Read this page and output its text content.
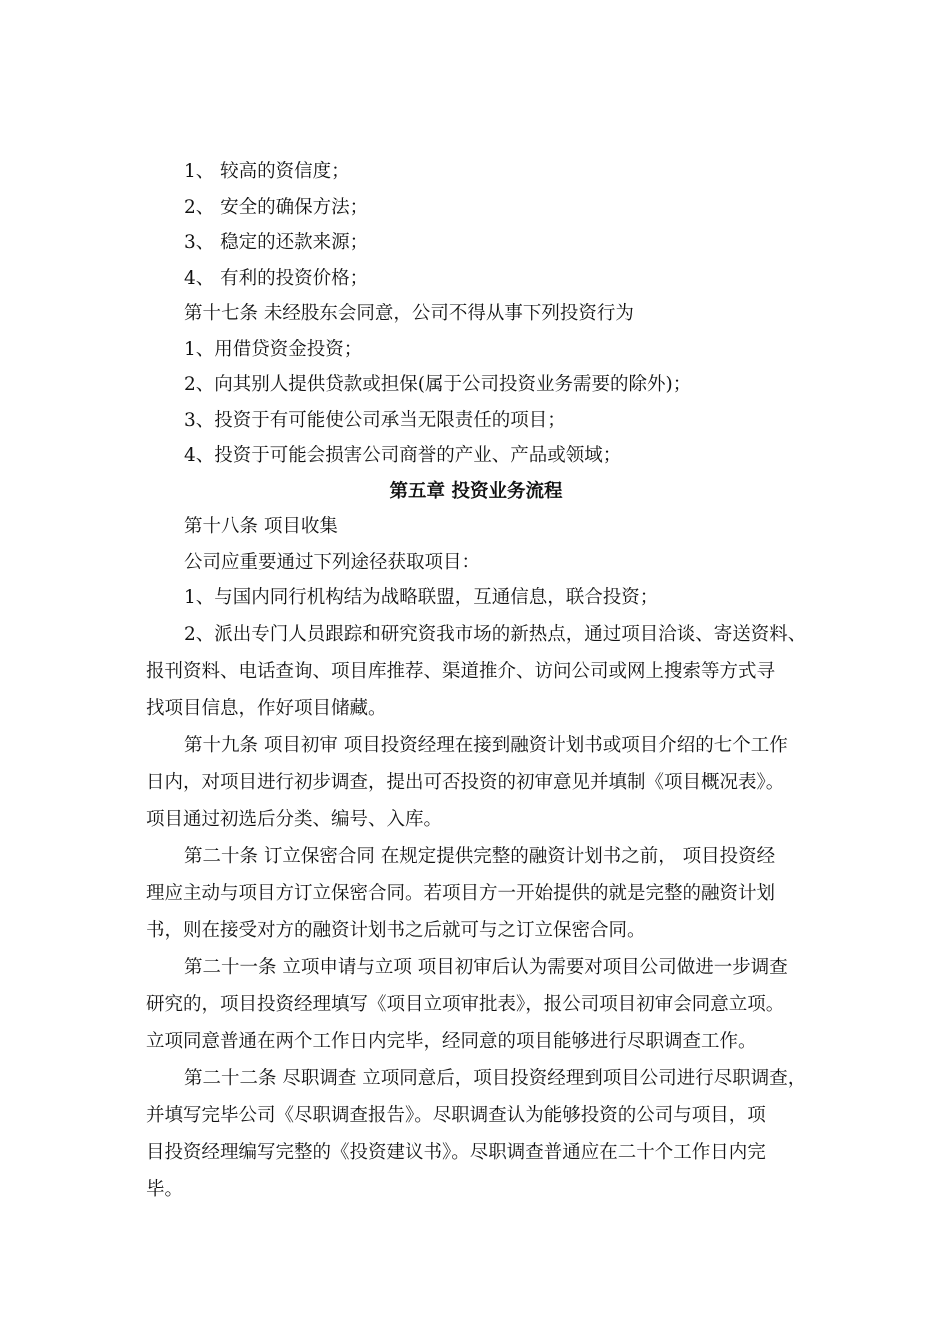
1、 较高的资信度；
2、 安全的确保方法；
3、 稳定的还款来源；
4、 有利的投资价格；
第十七条 未经股东会同意，公司不得从事下列投资行为
1、用借贷资金投资；
2、向其别人提供贷款或担保(属于公司投资业务需要的除外)；
3、投资于有可能使公司承当无限责任的项目；
4、投资于可能会损害公司商誉的产业、产品或领域；
第五章 投资业务流程
第十八条 项目收集
公司应重要通过下列途径获取项目：
1、与国内同行机构结为战略联盟，互通信息，联合投资；
2、派出专门人员跟踪和研究资我市场的新热点，通过项目洽谈、寄送资料、
报刊资料、电话查询、项目库推荐、渠道推介、访问公司或网上搜索等方式寻
找项目信息，作好项目储藏。
第十九条 项目初审 项目投资经理在接到融资计划书或项目介绍的七个工作
日内，对项目进行初步调查，提出可否投资的初审意见并填制《项目概况表》。
项目通过初选后分类、编号、入库。
第二十条 订立保密合同 在规定提供完整的融资计划书之前， 项目投资经
理应主动与项目方订立保密合同。若项目方一开始提供的就是完整的融资计划
书，则在接受对方的融资计划书之后就可与之订立保密合同。
第二十一条 立项申请与立项 项目初审后认为需要对项目公司做进一步调查
研究的，项目投资经理填写《项目立项审批表》，报公司项目初审会同意立项。
立项同意普通在两个工作日内完毕，经同意的项目能够进行尽职调查工作。
第二十二条 尽职调查 立项同意后，项目投资经理到项目公司进行尽职调查，
并填写完毕公司《尽职调查报告》。尽职调查认为能够投资的公司与项目，项
目投资经理编写完整的《投资建议书》。尽职调查普通应在二十个工作日内完
毕。
